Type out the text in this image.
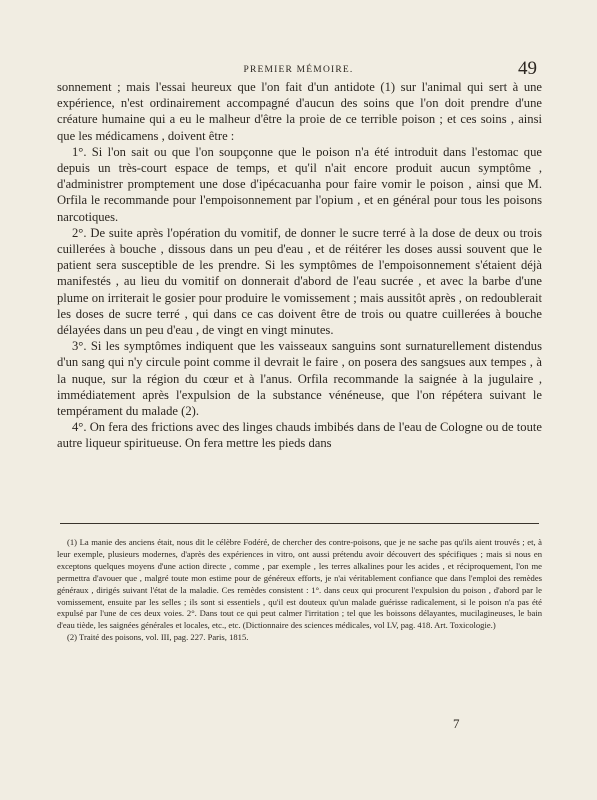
PREMIER MÉMOIRE.	49

sonnement ; mais l'essai heureux que l'on fait d'un antidote (1) sur l'animal qui sert à une expérience, n'est ordinairement accompagné d'aucun des soins que l'on doit prendre d'une créature humaine qui a eu le malheur d'être la proie de ce terrible poison ; et ces soins , ainsi que les médicamens , doivent être :

1°. Si l'on sait ou que l'on soupçonne que le poison n'a été introduit dans l'estomac que depuis un très-court espace de temps, et qu'il n'ait encore produit aucun symptôme , d'administrer promptement une dose d'ipécacuanha pour faire vomir le poison , ainsi que M. Orfila le recommande pour l'empoisonnement par l'opium , et en général pour tous les poisons narcotiques.

2°. De suite après l'opération du vomitif, de donner le sucre terré à la dose de deux ou trois cuillerées à bouche , dissous dans un peu d'eau , et de réitérer les doses aussi souvent que le patient sera susceptible de les prendre. Si les symptômes de l'empoisonnement s'étaient déjà manifestés , au lieu du vomitif on donnerait d'abord de l'eau sucrée , et avec la barbe d'une plume on irriterait le gosier pour produire le vomissement ; mais aussitôt après , on redoublerait les doses de sucre terré , qui dans ce cas doivent être de trois ou quatre cuillerées à bouche délayées dans un peu d'eau , de vingt en vingt minutes.

3°. Si les symptômes indiquent que les vaisseaux sanguins sont surnaturellement distendus d'un sang qui n'y circule point comme il devrait le faire , on posera des sangsues aux tempes , à la nuque, sur la région du cœur et à l'anus. Orfila recommande la saignée à la jugulaire , immédiatement après l'expulsion de la substance vénéneuse, que l'on répétera suivant le tempérament du malade (2).

4°. On fera des frictions avec des linges chauds imbibés dans de l'eau de Cologne ou de toute autre liqueur spiritueuse. On fera mettre les pieds dans

(1) La manie des anciens était, nous dit le célèbre Fodéré, de chercher des contre-poisons, que je ne sache pas qu'ils aient trouvés ; et, à leur exemple, plusieurs modernes, d'après des expériences in vitro, ont aussi prétendu avoir découvert des spécifiques ; mais si nous en exceptons quelques moyens d'une action directe , comme , par exemple , les terres alkalines pour les acides , et réciproquement, l'on me permettra d'avouer que , malgré toute mon estime pour de généreux efforts, je n'ai véritablement confiance que dans l'emploi des remèdes généraux , dirigés suivant l'état de la maladie. Ces remèdes consistent : 1°. dans ceux qui procurent l'expulsion du poison , d'abord par le vomissement, ensuite par les selles ; ils sont si essentiels , qu'il est douteux qu'un malade guérisse radicalement, si le poison n'a pas été expulsé par l'une de ces deux voies. 2°. Dans tout ce qui peut calmer l'irritation ; tel que les boissons délayantes, mucilagineuses, le bain d'eau tiède, les saignées générales et locales, etc., etc. (Dictionnaire des sciences médicales, vol LV, pag. 418. Art. Toxicologie.)

(2) Traité des poisons, vol. III, pag. 227. Paris, 1815.

7
